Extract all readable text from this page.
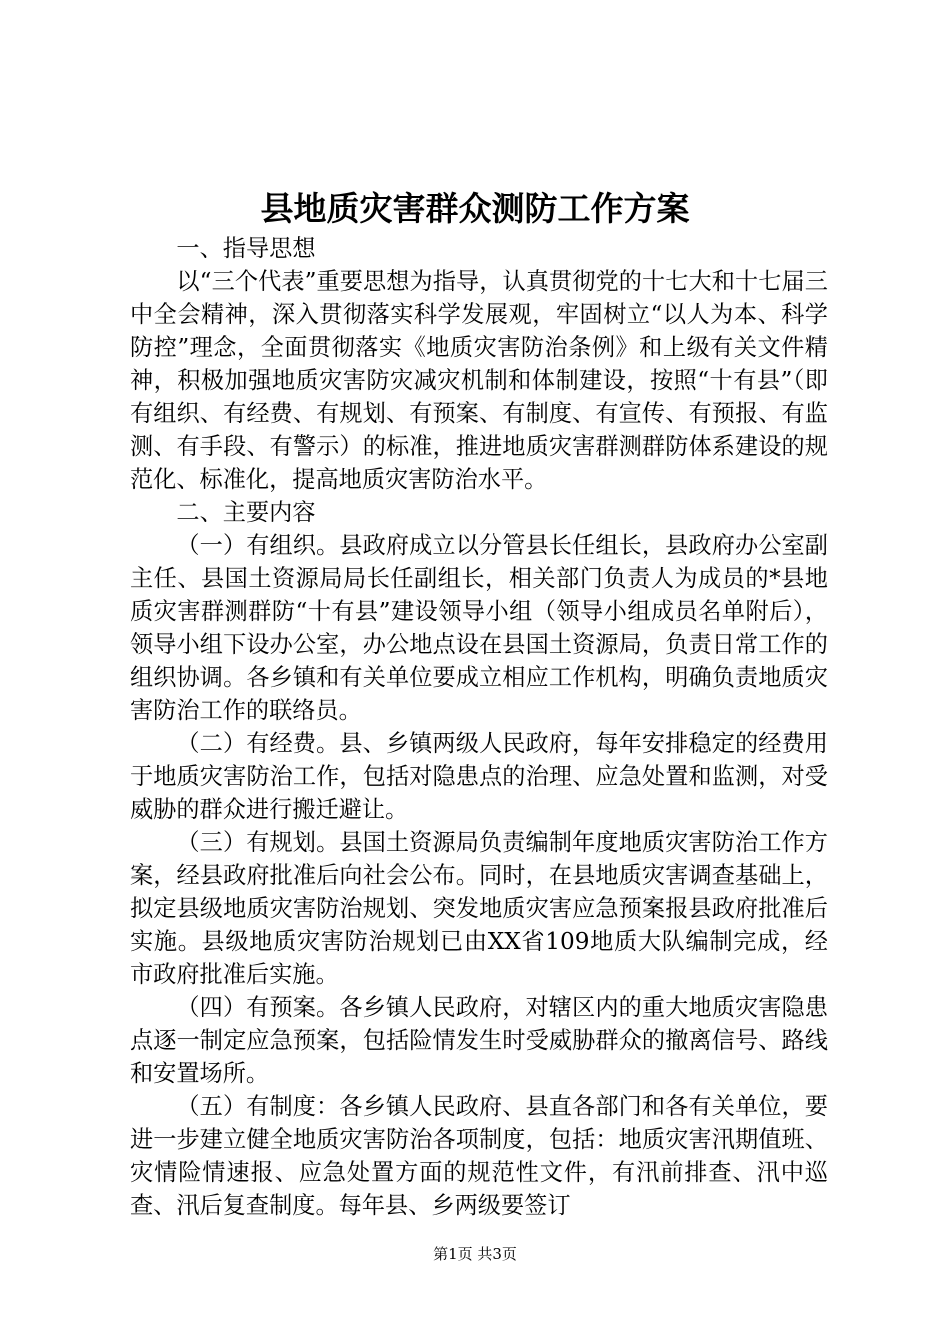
县地质灾害群众测防工作方案

一、指导思想

以“三个代表”重要思想为指导，认真贯彻党的十七大和十七届三中全会精神，深入贯彻落实科学发展观，牢固树立“以人为本、科学防控”理念，全面贯彻落实《地质灾害防治条例》和上级有关文件精神，积极加强地质灾害防灾减灾机制和体制建设，按照“十有县”（即有组织、有经费、有规划、有预案、有制度、有宣传、有预报、有监测、有手段、有警示）的标准，推进地质灾害群测群防体系建设的规范化、标准化，提高地质灾害防治水平。

二、主要内容

（一）有组织。县政府成立以分管县长任组长，县政府办公室副主任、县国土资源局局长任副组长，相关部门负责人为成员的*县地质灾害群测群防“十有县”建设领导小组（领导小组成员名单附后），领导小组下设办公室，办公地点设在县国土资源局，负责日常工作的组织协调。各乡镇和有关单位要成立相应工作机构，明确负责地质灾害防治工作的联络员。

（二）有经费。县、乡镇两级人民政府，每年安排稳定的经费用于地质灾害防治工作，包括对隐患点的治理、应急处置和监测，对受威胁的群众进行搬迁避让。

（三）有规划。县国土资源局负责编制年度地质灾害防治工作方案，经县政府批准后向社会公布。同时，在县地质灾害调查基础上，拟定县级地质灾害防治规划、突发地质灾害应急预案报县政府批准后实施。县级地质灾害防治规划已由XX省109地质大队编制完成，经市政府批准后实施。

（四）有预案。各乡镇人民政府，对辖区内的重大地质灾害隐患点逐一制定应急预案，包括险情发生时受威胁群众的撤离信号、路线和安置场所。

（五）有制度：各乡镇人民政府、县直各部门和各有关单位，要进一步建立健全地质灾害防治各项制度，包括：地质灾害汛期值班、灾情险情速报、应急处置方面的规范性文件，有汛前排查、汛中巡查、汛后复查制度。每年县、乡两级要签订

第1页 共3页
